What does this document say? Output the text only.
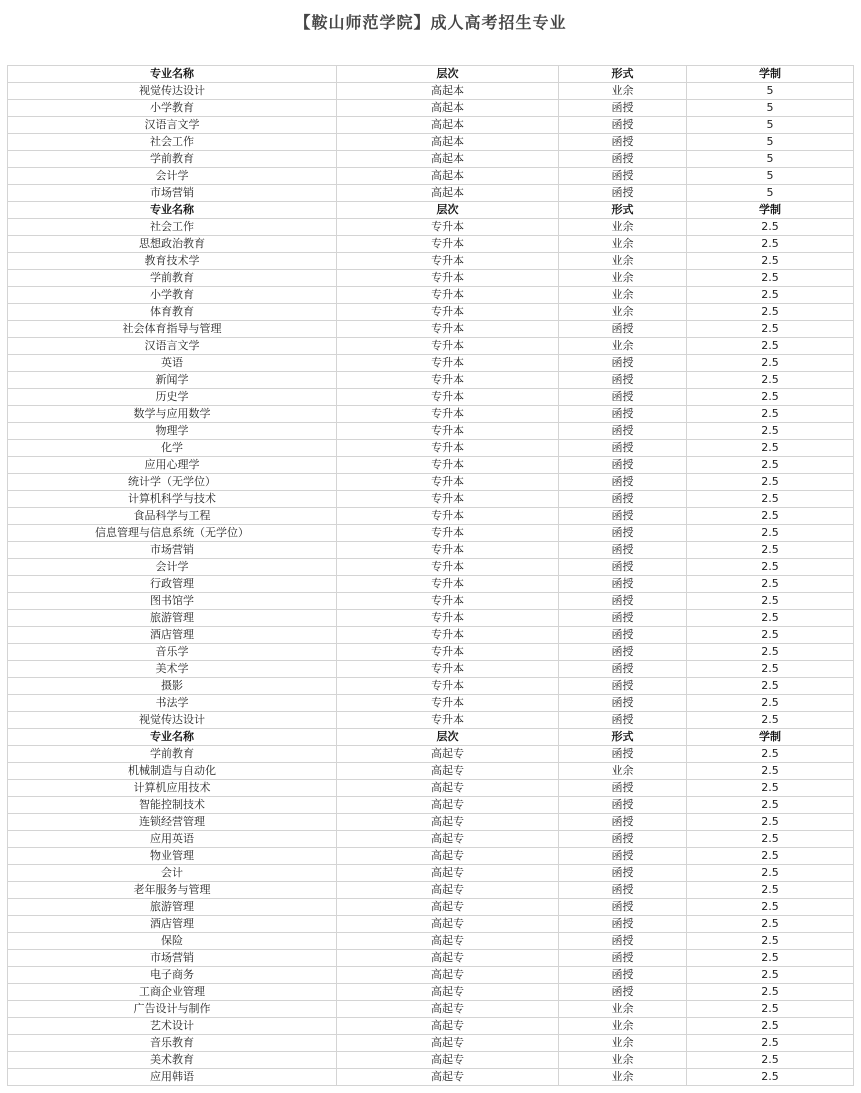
【鞍山师范学院】成人高考招生专业
专业名称	层次	形式	学制
视觉传达设计	高起本	业余	5
小学教育	高起本	函授	5
汉语言文学	高起本	函授	5
社会工作	高起本	函授	5
学前教育	高起本	函授	5
会计学	高起本	函授	5
市场营销	高起本	函授	5
专业名称	层次	形式	学制
社会工作	专升本	业余	2.5
思想政治教育	专升本	业余	2.5
教育技术学	专升本	业余	2.5
学前教育	专升本	业余	2.5
小学教育	专升本	业余	2.5
体育教育	专升本	业余	2.5
社会体育指导与管理	专升本	函授	2.5
汉语言文学	专升本	业余	2.5
英语	专升本	函授	2.5
新闻学	专升本	函授	2.5
历史学	专升本	函授	2.5
数学与应用数学	专升本	函授	2.5
物理学	专升本	函授	2.5
化学	专升本	函授	2.5
应用心理学	专升本	函授	2.5
统计学（无学位）	专升本	函授	2.5
计算机科学与技术	专升本	函授	2.5
食品科学与工程	专升本	函授	2.5
信息管理与信息系统（无学位）	专升本	函授	2.5
市场营销	专升本	函授	2.5
会计学	专升本	函授	2.5
行政管理	专升本	函授	2.5
图书馆学	专升本	函授	2.5
旅游管理	专升本	函授	2.5
酒店管理	专升本	函授	2.5
音乐学	专升本	函授	2.5
美术学	专升本	函授	2.5
摄影	专升本	函授	2.5
书法学	专升本	函授	2.5
视觉传达设计	专升本	函授	2.5
专业名称	层次	形式	学制
学前教育	高起专	函授	2.5
机械制造与自动化	高起专	业余	2.5
计算机应用技术	高起专	函授	2.5
智能控制技术	高起专	函授	2.5
连锁经营管理	高起专	函授	2.5
应用英语	高起专	函授	2.5
物业管理	高起专	函授	2.5
会计	高起专	函授	2.5
老年服务与管理	高起专	函授	2.5
旅游管理	高起专	函授	2.5
酒店管理	高起专	函授	2.5
保险	高起专	函授	2.5
市场营销	高起专	函授	2.5
电子商务	高起专	函授	2.5
工商企业管理	高起专	函授	2.5
广告设计与制作	高起专	业余	2.5
艺术设计	高起专	业余	2.5
音乐教育	高起专	业余	2.5
美术教育	高起专	业余	2.5
应用韩语	高起专	业余	2.5
